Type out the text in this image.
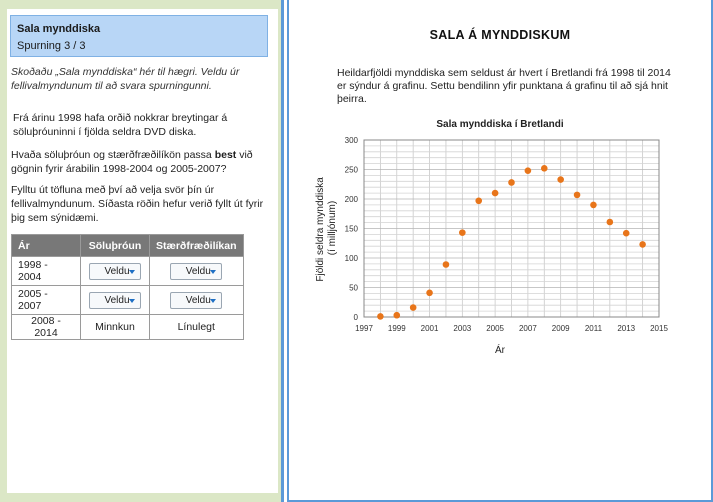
Sala mynddiska
Spurning 3 / 3
Skoðaðu „Sala mynddiska“ hér til hægri. Veldu úr fellivalmyndunum til að svara spurningunni.
Frá árinu 1998 hafa orðið nokkrar breytingar á söluþróuninni í fjölda seldra DVD diska.
Hvaða söluþróun og stærðfræðilíkön passa best við gögnin fyrir árabilin 1998-2004 og 2005-2007?
Fylltu út töfluna með því að velja svör þín úr fellivalmyndunum. Síðasta röðin hefur verið fyllt út fyrir þig sem sýnidæmi.
Ár	Söluþróun	Stærðfræðilíkan
1998 - 2004	Veldu	Veldu

2005 - 2007	Veldu	Veldu

2008 - 2014	Minnkun	Línulegt
SALA Á MYNDDISKUM
Heildarfjöldi mynddiska sem seldust ár hvert í Bretlandi frá 1998 til 2014 er sýndur á grafinu. Settu bendilinn yfir punktana á grafinu til að sjá hnit þeirra.
Sala mynddiska í Bretlandi
1997 1999 2001 2003 2005 2007 2009 2011 2013 2015
0
50
100
150
200
250
300
Ár
Fjöldi seldra mynddiska (í milljónum)
